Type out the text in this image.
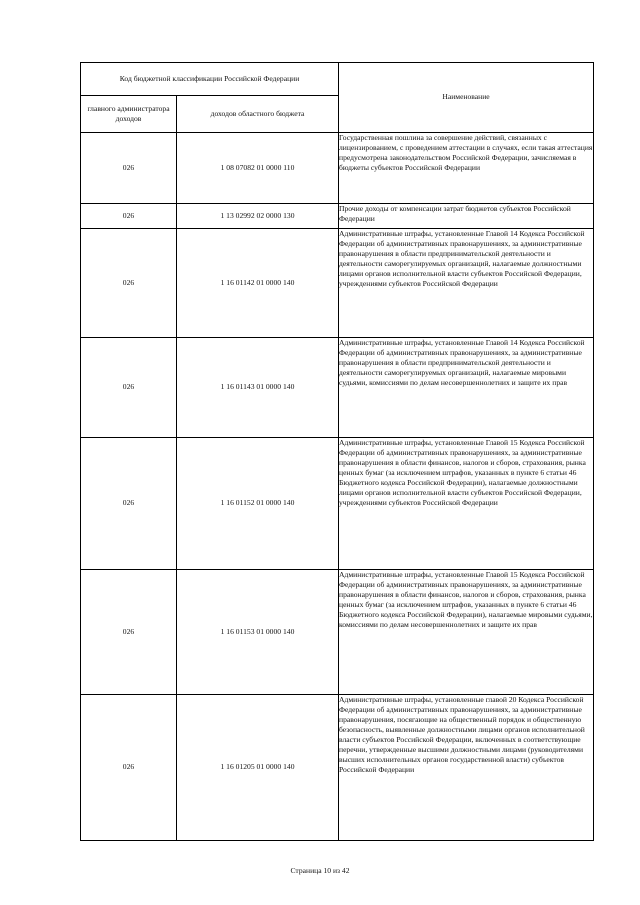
Код бюджетной классификации Российской Федерации		Наименование
главного администратора доходов	доходов областного бюджета	
026	1 08 07082 01 0000 110	Государственная пошлина за совершение действий, связанных с лицензированием, с проведением аттестации в случаях, если такая аттестация предусмотрена законодательством Российской Федерации, зачисляемая в бюджеты субъектов Российской Федерации
026	1 13 02992 02 0000 130	Прочие доходы от компенсации затрат бюджетов субъектов Российской Федерации
026	1 16 01142 01 0000 140	Административные штрафы, установленные Главой 14 Кодекса Российской Федерации об административных правонарушениях, за административные правонарушения в области предпринимательской деятельности и деятельности саморегулируемых организаций, налагаемые должностными лицами органов исполнительной власти субъектов Российской Федерации, учреждениями субъектов Российской Федерации
026	1 16 01143 01 0000 140	Административные штрафы, установленные Главой 14 Кодекса Российской Федерации об административных правонарушениях, за административные правонарушения в области предпринимательской деятельности и деятельности саморегулируемых организаций, налагаемые мировыми судьями, комиссиями по делам несовершеннолетних и защите их прав
026	1 16 01152 01 0000 140	Административные штрафы, установленные Главой 15 Кодекса Российской Федерации об административных правонарушениях, за административные правонарушения в области финансов, налогов и сборов, страхования, рынка ценных бумаг (за исключением штрафов, указанных в пункте 6 статьи 46 Бюджетного кодекса Российской Федерации), налагаемые должностными лицами органов исполнительной власти субъектов Российской Федерации, учреждениями субъектов Российской Федерации
026	1 16 01153 01 0000 140	Административные штрафы, установленные Главой 15 Кодекса Российской Федерации об административных правонарушениях, за административные правонарушения в области финансов, налогов и сборов, страхования, рынка ценных бумаг (за исключением штрафов, указанных в пункте 6 статьи 46 Бюджетного кодекса Российской Федерации), налагаемые мировыми судьями, комиссиями по делам несовершеннолетних и защите их прав
026	1 16 01205 01 0000 140	Административные штрафы, установленные главой 20 Кодекса Российской Федерации об административных правонарушениях, за административные правонарушения, посягающие на общественный порядок и общественную безопасность, выявленные должностными лицами органов исполнительной власти субъектов Российской Федерации, включенных в соответствующие перечни, утвержденные высшими должностными лицами (руководителями высших исполнительных органов государственной власти) субъектов Российской Федерации
Страница 10 из 42
